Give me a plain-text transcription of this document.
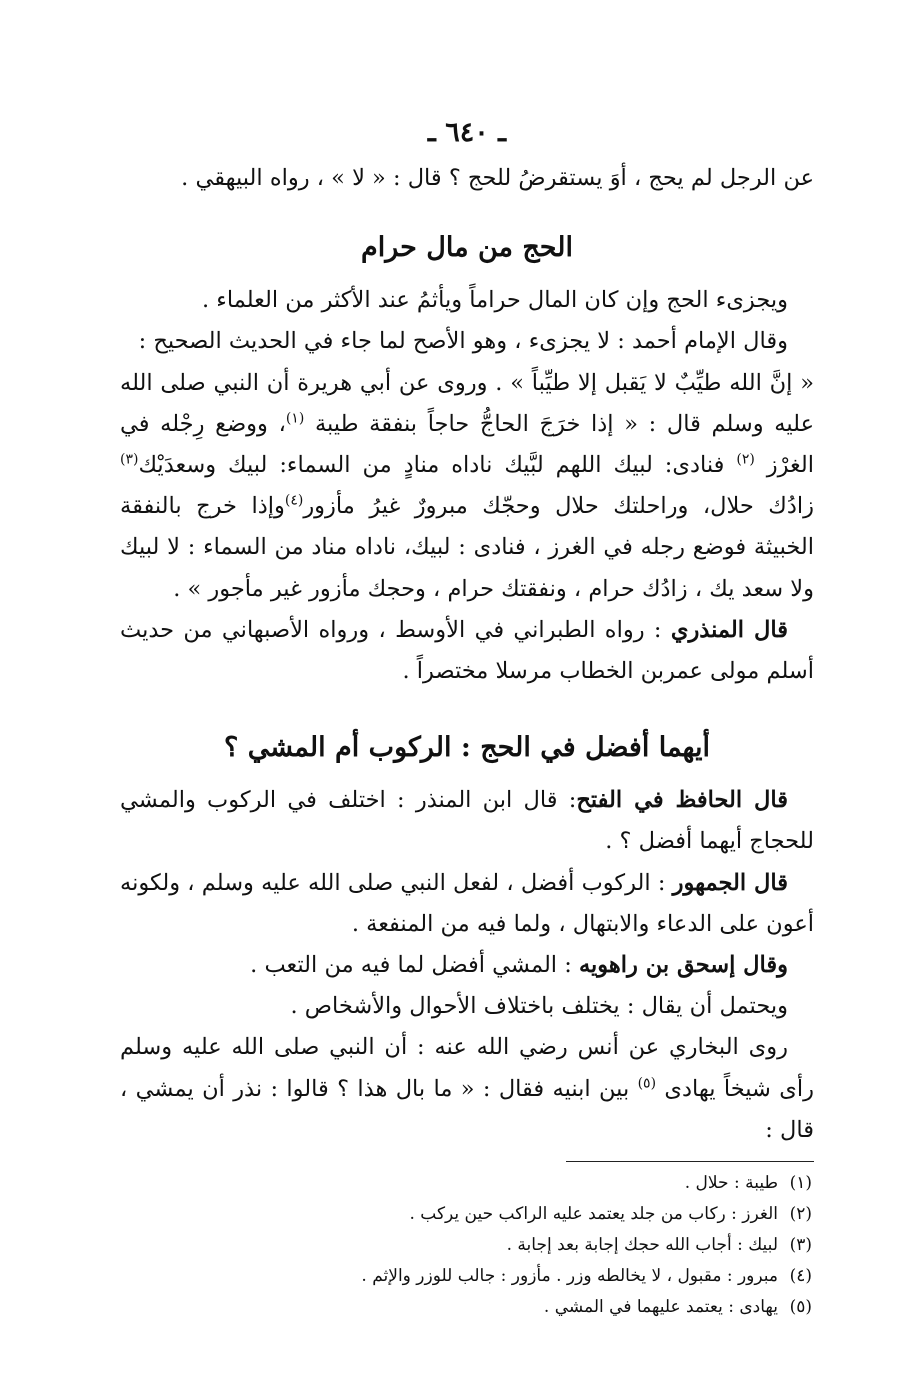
ـ ٦٤٠ ـ

عن الرجل لم يحج ، أوَ يستقرضُ للحج ؟ قال : « لا » ، رواه البيهقي .

الحج من مال حرام

ويجزىء الحج وإن كان المال حراماً ويأثمُ عند الأكثر من العلماء .

وقال الإمام أحمد : لا يجزىء ، وهو الأصح لما جاء في الحديث الصحيح :

« إنَّ الله طيِّبٌ لا يَقبل إلا طيِّباً » . وروى عن أبي هريرة أن النبي صلى الله عليه وسلم قال : « إذا خرَجَ الحاجُّ حاجاً بنفقة طيبة $^{(١)}$، ووضع رِجْله في الغرْز $^{(٢)}$ فنادى: لبيك اللهم لبَّيك ناداه منادٍ من السماء: لبيك وسعدَيْك$^{(٣)}$ زادُك حلال، وراحلتك حلال وحجّك مبرورٌ غيرُ مأزور$^{(٤)}$وإذا خرج بالنفقة الخبيثة فوضع رجله في الغرز ، فنادى : لبيك، ناداه مناد من السماء : لا لبيك ولا سعد يك ، زادُك حرام ، ونفقتك حرام ، وحجك مأزور غير مأجور » .

قال المنذري : رواه الطبراني في الأوسط ، ورواه الأصبهاني من حديث أسلم مولى عمربن الخطاب مرسلا مختصراً .

أيهما أفضل في الحج : الركوب أم المشي ؟

قال الحافظ في الفتح: قال ابن المنذر : اختلف في الركوب والمشي للحجاج أيهما أفضل ؟ .

قال الجمهور : الركوب أفضل ، لفعل النبي صلى الله عليه وسلم ، ولكونه أعون على الدعاء والابتهال ، ولما فيه من المنفعة .

وقال إسحق بن راهويه : المشي أفضل لما فيه من التعب .

ويحتمل أن يقال : يختلف باختلاف الأحوال والأشخاص .

روى البخاري عن أنس رضي الله عنه : أن النبي صلى الله عليه وسلم رأى شيخاً يهادى $^{(٥)}$ بين ابنيه فقال : « ما بال هذا ؟ قالوا : نذر أن يمشي ، قال :

(١)طيبة : حلال .
(٢)الغرز : ركاب من جلد يعتمد عليه الراكب حين يركب .
(٣)لبيك : أجاب الله حجك إجابة بعد إجابة .
(٤)مبرور : مقبول ، لا يخالطه وزر . مأزور : جالب للوزر والإثم .
(٥)يهادى : يعتمد عليهما في المشي .
